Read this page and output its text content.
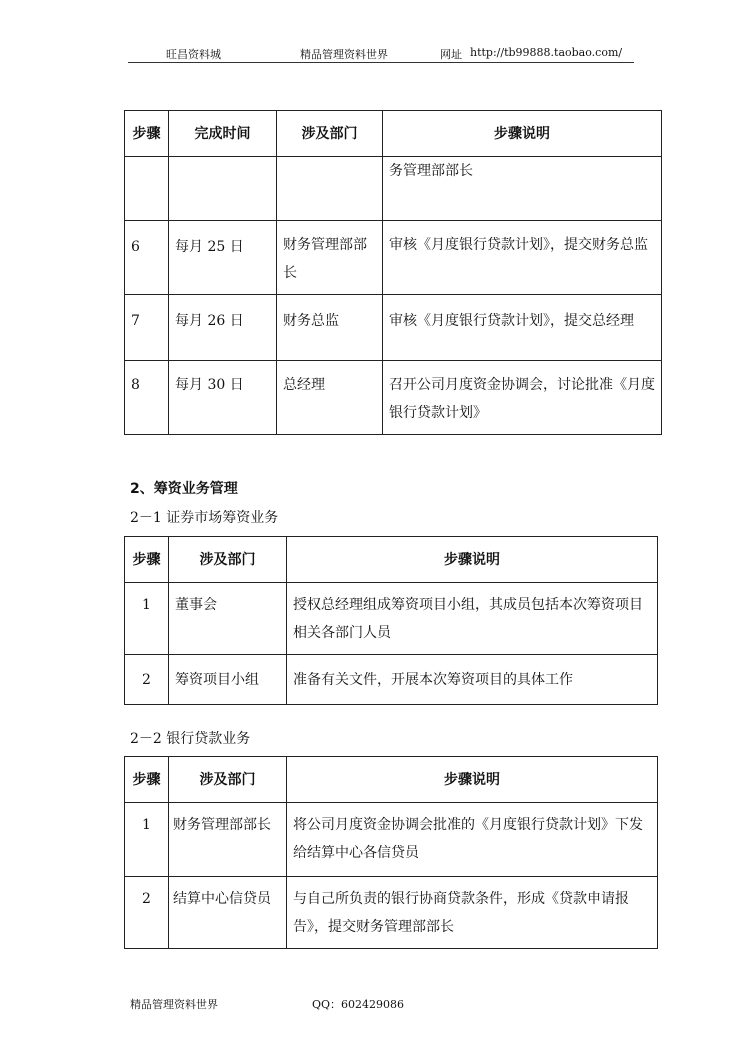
旺昌资料城	精品管理资料世界	网址 http://tb99888.taobao.com/
步骤	完成时间	涉及部门	步骤说明
			务管理部部长
6	每月 25 日	财务管理部部长	审核《月度银行贷款计划》，提交财务总监
7	每月 26 日	财务总监	审核《月度银行贷款计划》，提交总经理
8	每月 30 日	总经理	召开公司月度资金协调会，讨论批准《月度银行贷款计划》
2、筹资业务管理
2－1 证券市场筹资业务
步骤	涉及部门	步骤说明
1	董事会	授权总经理组成筹资项目小组，其成员包括本次筹资项目相关各部门人员
2	筹资项目小组	准备有关文件，开展本次筹资项目的具体工作
2－2 银行贷款业务
步骤	涉及部门	步骤说明
1	财务管理部部长	将公司月度资金协调会批准的《月度银行贷款计划》下发给结算中心各信贷员
2	结算中心信贷员	与自己所负责的银行协商贷款条件，形成《贷款申请报告》，提交财务管理部部长
精品管理资料世界	QQ：602429086
